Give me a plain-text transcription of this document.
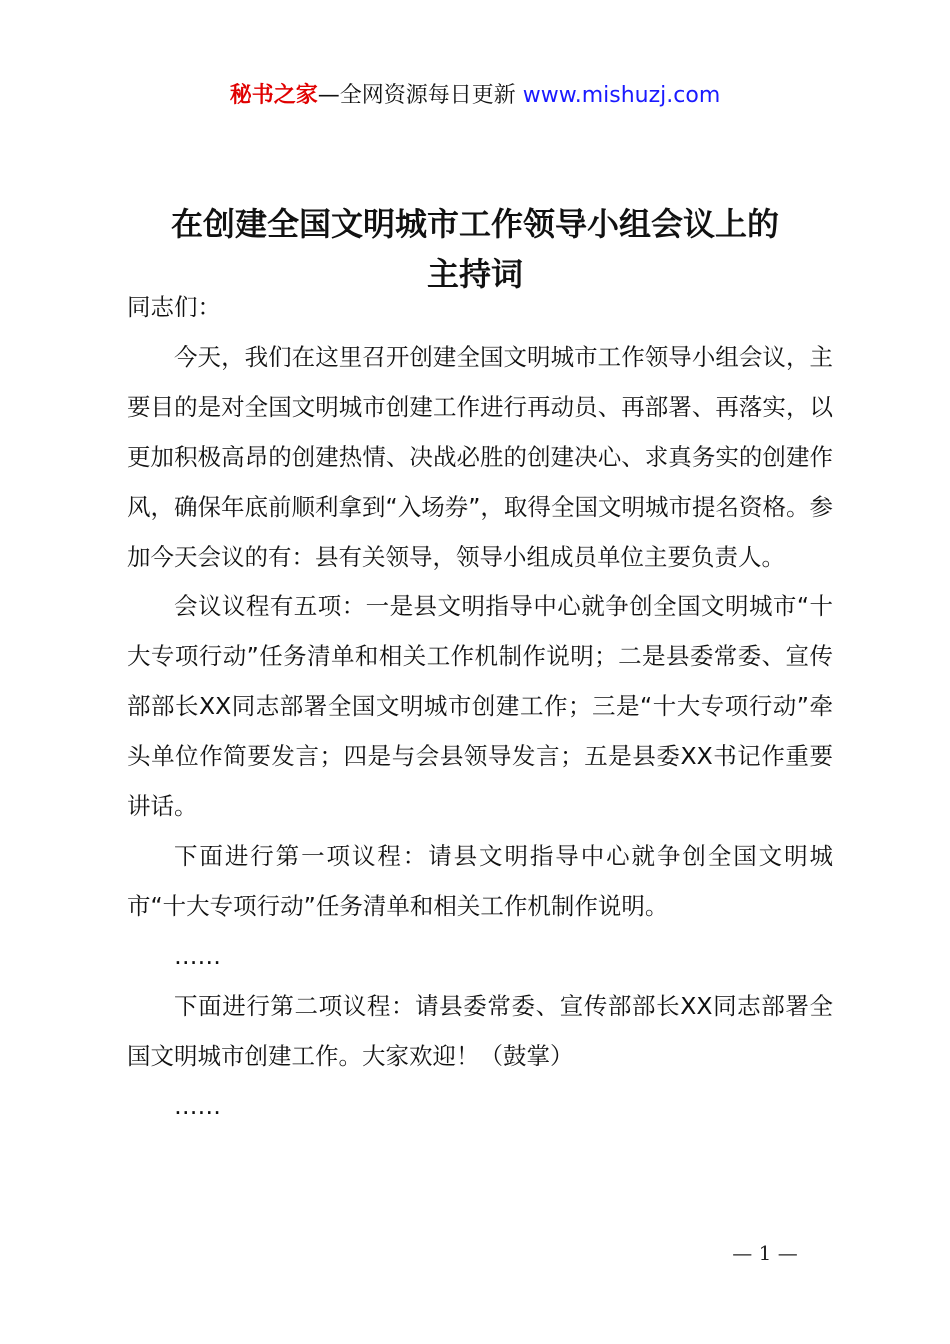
秘书之家—全网资源每日更新 www.mishuzj.com
在创建全国文明城市工作领导小组会议上的
主持词

同志们：

今天，我们在这里召开创建全国文明城市工作领导小组会议，主要目的是对全国文明城市创建工作进行再动员、再部署、再落实，以更加积极高昂的创建热情、决战必胜的创建决心、求真务实的创建作风，确保年底前顺利拿到“入场券”，取得全国文明城市提名资格。参加今天会议的有：县有关领导，领导小组成员单位主要负责人。

会议议程有五项：一是县文明指导中心就争创全国文明城市“十大专项行动”任务清单和相关工作机制作说明；二是县委常委、宣传部部长XX同志部署全国文明城市创建工作；三是“十大专项行动”牵头单位作简要发言；四是与会县领导发言；五是县委XX书记作重要讲话。

下面进行第一项议程：请县文明指导中心就争创全国文明城市“十大专项行动”任务清单和相关工作机制作说明。

……

下面进行第二项议程：请县委常委、宣传部部长XX同志部署全国文明城市创建工作。大家欢迎！（鼓掌）

……

— 1 —
